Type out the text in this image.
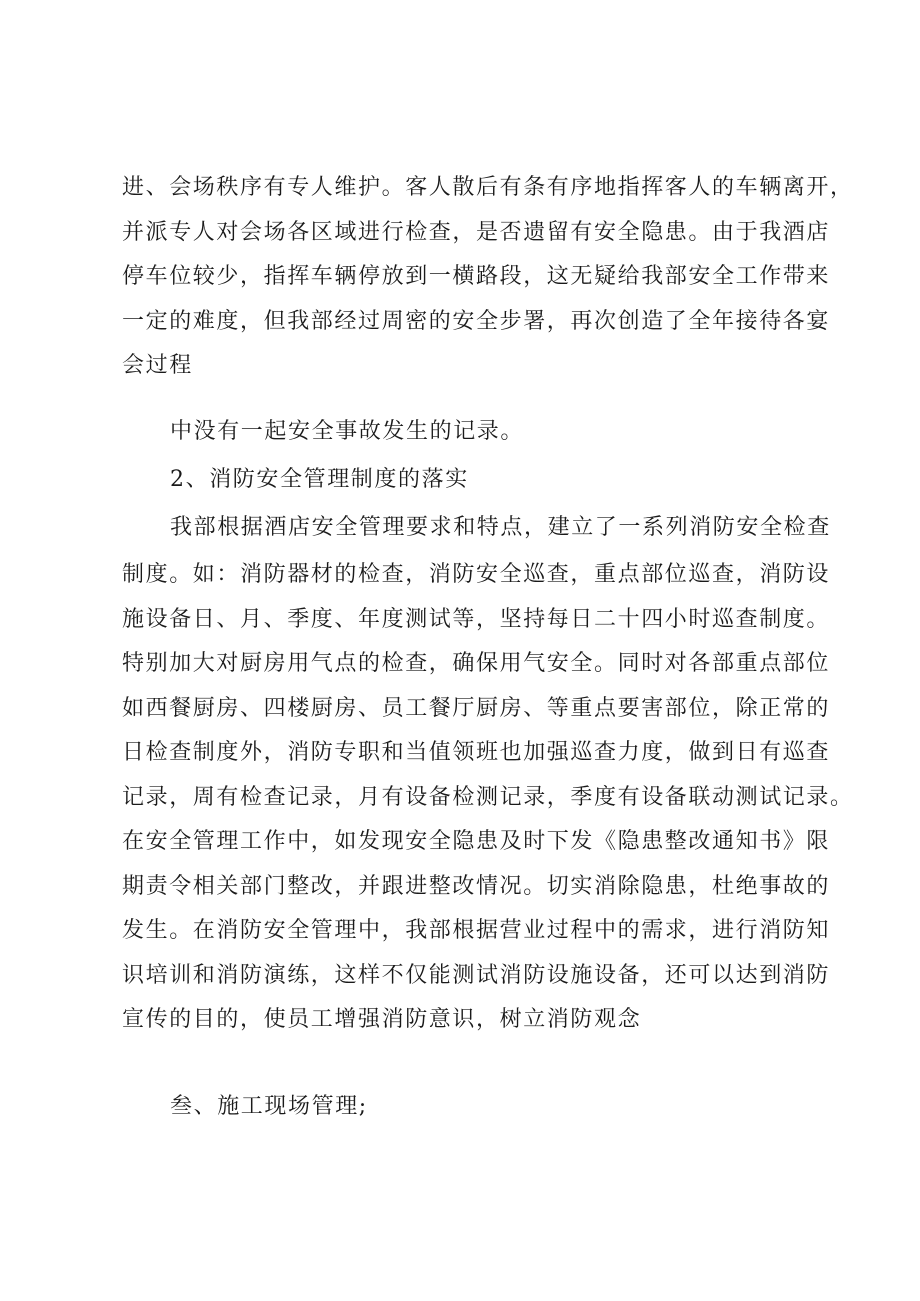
进、会场秩序有专人维护。客人散后有条有序地指挥客人的车辆离开，
并派专人对会场各区域进行检查，是否遗留有安全隐患。由于我酒店
停车位较少，指挥车辆停放到一横路段，这无疑给我部安全工作带来
一定的难度，但我部经过周密的安全步署，再次创造了全年接待各宴
会过程

中没有一起安全事故发生的记录。

2、消防安全管理制度的落实

我部根据酒店安全管理要求和特点，建立了一系列消防安全检查

制度。如：消防器材的检查，消防安全巡查，重点部位巡查，消防设
施设备日、月、季度、年度测试等，坚持每日二十四小时巡查制度。
特别加大对厨房用气点的检查，确保用气安全。同时对各部重点部位
如西餐厨房、四楼厨房、员工餐厅厨房、等重点要害部位，除正常的
日检查制度外，消防专职和当值领班也加强巡查力度，做到日有巡查
记录，周有检查记录，月有设备检测记录，季度有设备联动测试记录。
在安全管理工作中，如发现安全隐患及时下发《隐患整改通知书》限
期责令相关部门整改，并跟进整改情况。切实消除隐患，杜绝事故的
发生。在消防安全管理中，我部根据营业过程中的需求，进行消防知
识培训和消防演练，这样不仅能测试消防设施设备，还可以达到消防
宣传的目的，使员工增强消防意识，树立消防观念

叁、施工现场管理;
